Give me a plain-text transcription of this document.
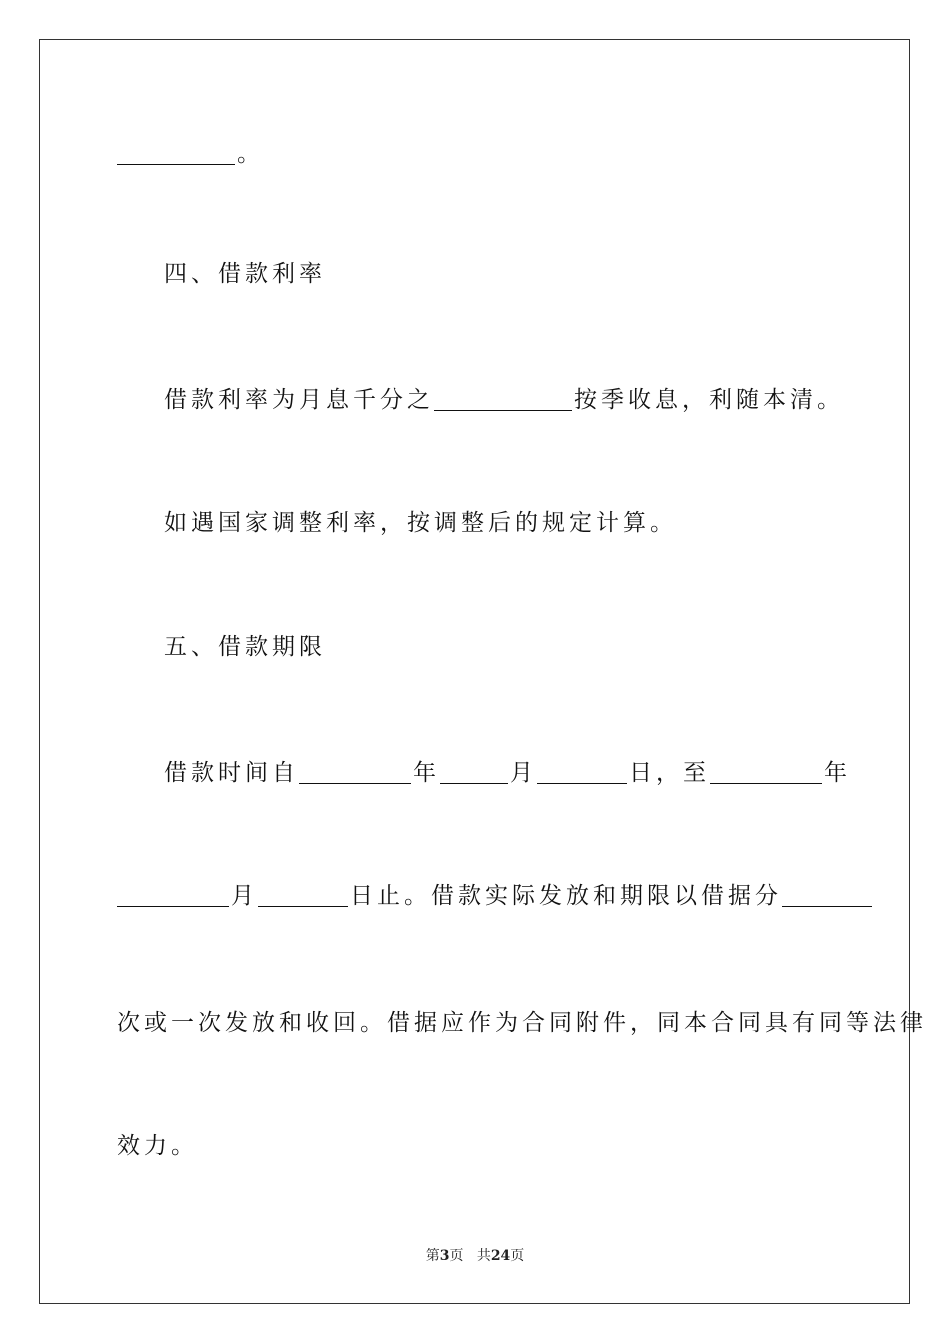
。
四、借款利率
借款利率为月息千分之	按季收息，利随本清。
如遇国家调整利率，按调整后的规定计算。
五、借款期限
借款时间自	年	月	日，至	年
月	日止。借款实际发放和期限以借据分
次或一次发放和收回。借据应作为合同附件，同本合同具有同等法律
效力。
第3页 共24页
